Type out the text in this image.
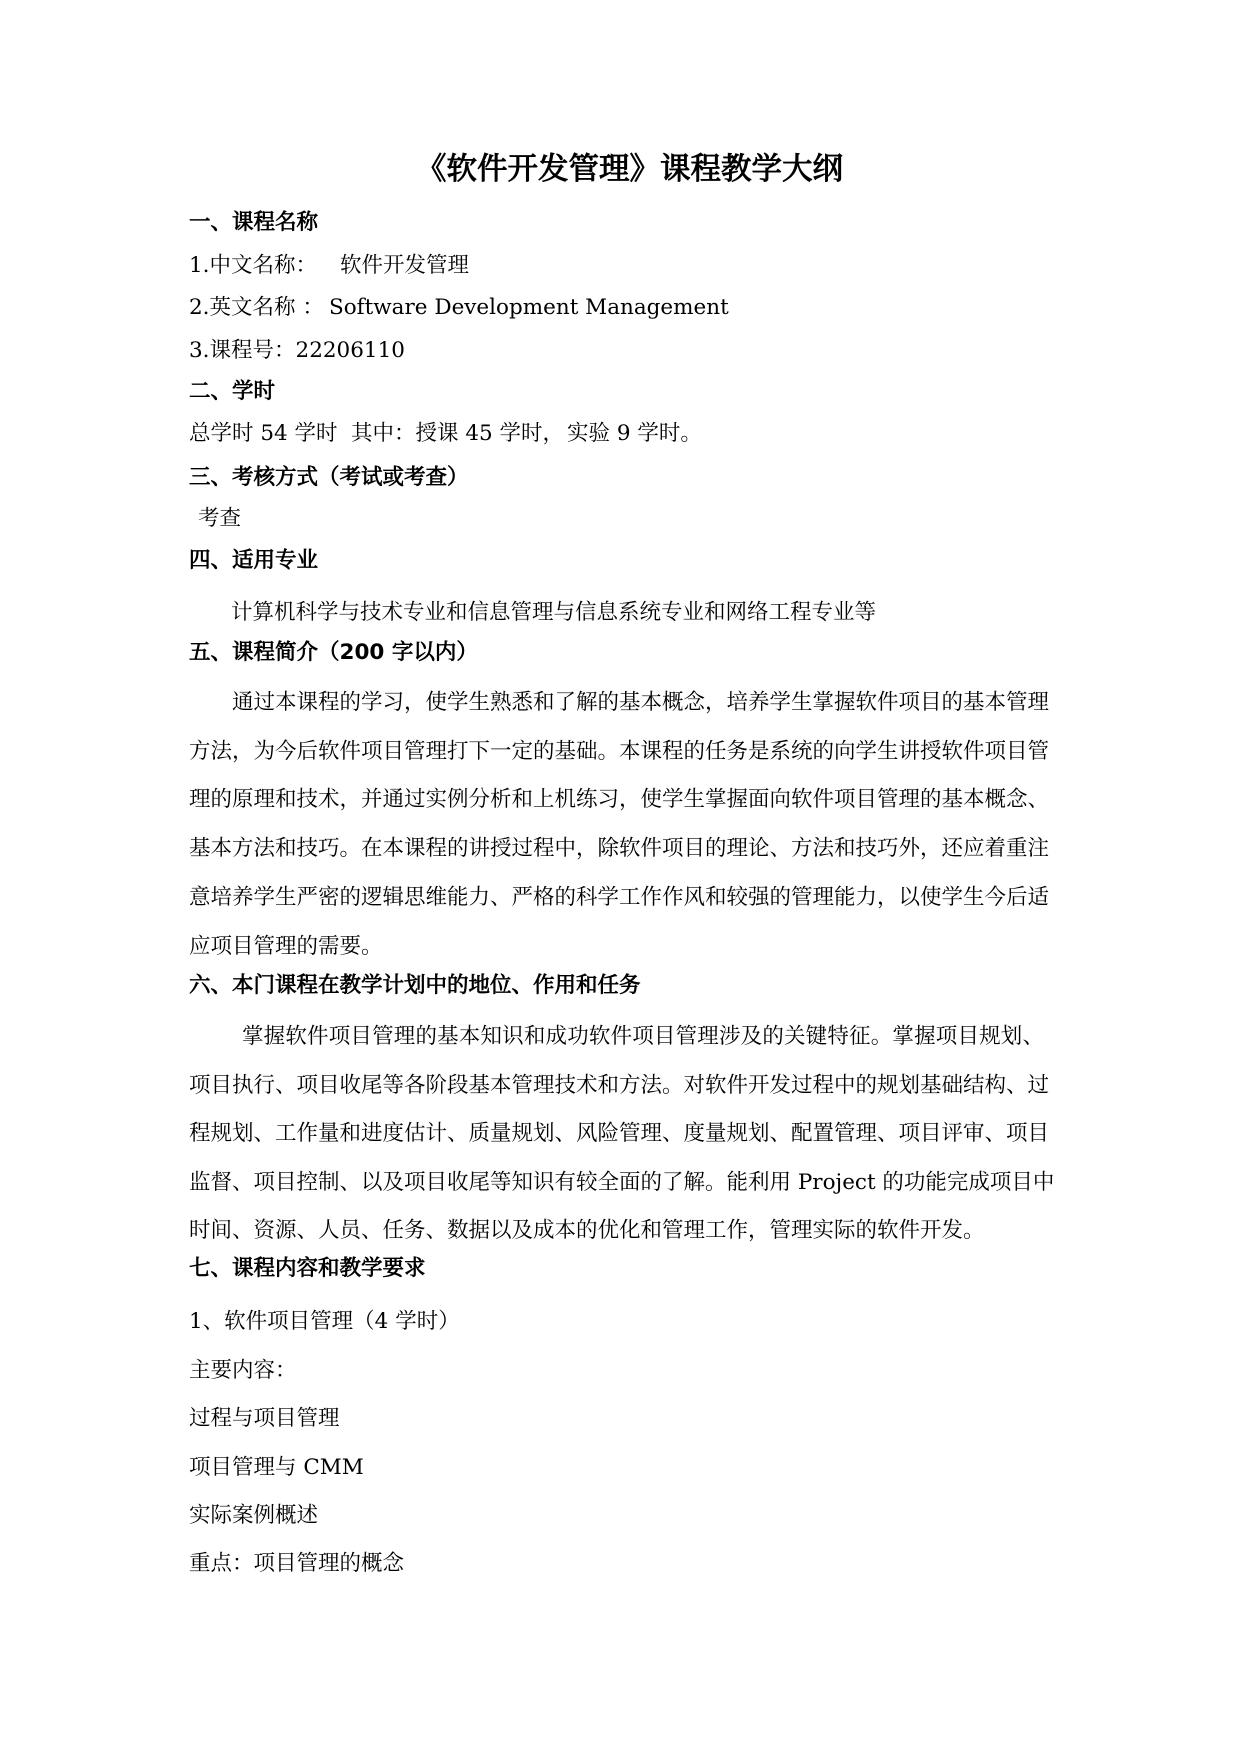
《软件开发管理》课程教学大纲
一、课程名称
1.中文名称： 软件开发管理
2.英文名称 ： Software Development Management
3.课程号：22206110
二、学时
总学时 54 学时 其中：授课 45 学时， 实验 9 学时。
三、考核方式（考试或考查）
考查
四、适用专业
计算机科学与技术专业和信息管理与信息系统专业和网络工程专业等
五、课程简介（200 字以内）
通过本课程的学习，使学生熟悉和了解的基本概念，培养学生掌握软件项目的基本管理
方法，为今后软件项目管理打下一定的基础。本课程的任务是系统的向学生讲授软件项目管
理的原理和技术，并通过实例分析和上机练习，使学生掌握面向软件项目管理的基本概念、
基本方法和技巧。在本课程的讲授过程中，除软件项目的理论、方法和技巧外，还应着重注
意培养学生严密的逻辑思维能力、严格的科学工作作风和较强的管理能力，以使学生今后适
应项目管理的需要。
六、本门课程在教学计划中的地位、作用和任务
掌握软件项目管理的基本知识和成功软件项目管理涉及的关键特征。掌握项目规划、
项目执行、项目收尾等各阶段基本管理技术和方法。对软件开发过程中的规划基础结构、过
程规划、工作量和进度估计、质量规划、风险管理、度量规划、配置管理、项目评审、项目
监督、项目控制、以及项目收尾等知识有较全面的了解。能利用 Project 的功能完成项目中
时间、资源、人员、任务、数据以及成本的优化和管理工作，管理实际的软件开发。
七、课程内容和教学要求
1、软件项目管理（4 学时）
主要内容：
过程与项目管理
项目管理与 CMM
实际案例概述
重点：项目管理的概念
